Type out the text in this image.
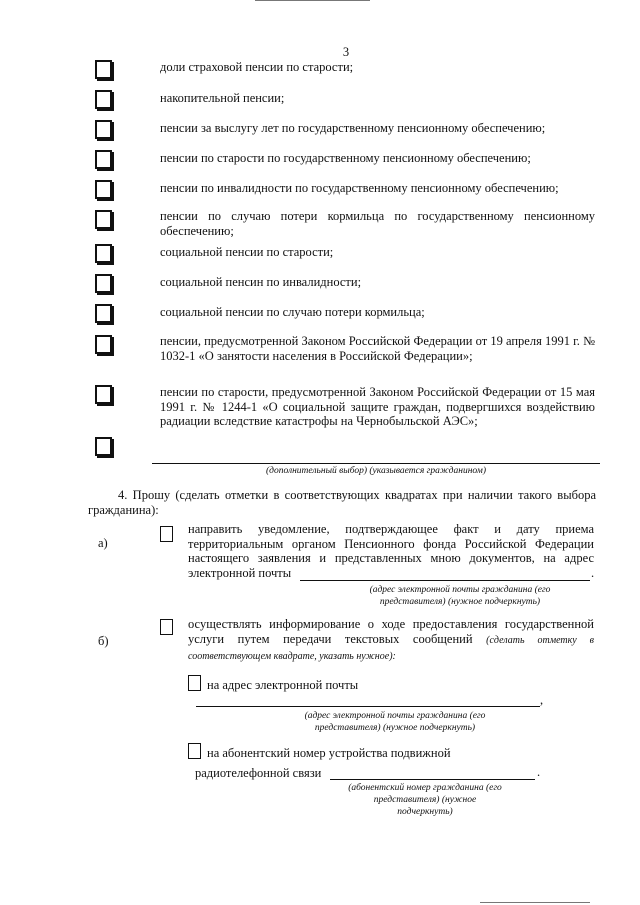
3
доли страховой пенсии по старости;
накопительной пенсии;
пенсии за выслугу лет по государственному пенсионному обеспечению;
пенсии по старости по государственному пенсионному обеспечению;
пенсии по инвалидности по государственному пенсионному обеспечению;
пенсии по случаю потери кормильца по государственному пенсионному обеспечению;
социальной пенсии по старости;
социальной пенсин по инвалидности;
социальной пенсии по случаю потери кормильца;
пенсии, предусмотренной Законом Российской Федерации от 19 апреля 1991 г. № 1032-1 «О занятости населения в Российской Федерации»;
пенсии по старости, предусмотренной Законом Российской Федерации от 15 мая 1991 г. № 1244-1 «О социальной защите граждан, подвергшихся воздействию радиации вследствие катастрофы на Чернобыльской АЭС»;
(дополнительный выбор) (указывается гражданином)
4. Прошу (сделать отметки в соответствующих квадратах при наличии такого выбора гражданина):
а)
направить уведомление, подтверждающее факт и дату приема территориальным органом Пенсионного фонда Российской Федерации настоящего заявления и представленных мною документов, на адрес электронной почты	.
(адрес электронной почты гражданина (его представителя) (нужное подчеркнуть)
б)
осуществлять информирование о ходе предоставления государственной услуги путем передачи текстовых сообщений (сделать отметку в соответствующем квадрате, указать нужное):
на адрес электронной почты
,
(адрес электронной почты гражданина (его представителя) (нужное подчеркнуть)
на абонентский номер устройства подвижной
радиотелефонной связи	.
(абонентский номер гражданина (его представителя) (нужное подчеркнуть)
